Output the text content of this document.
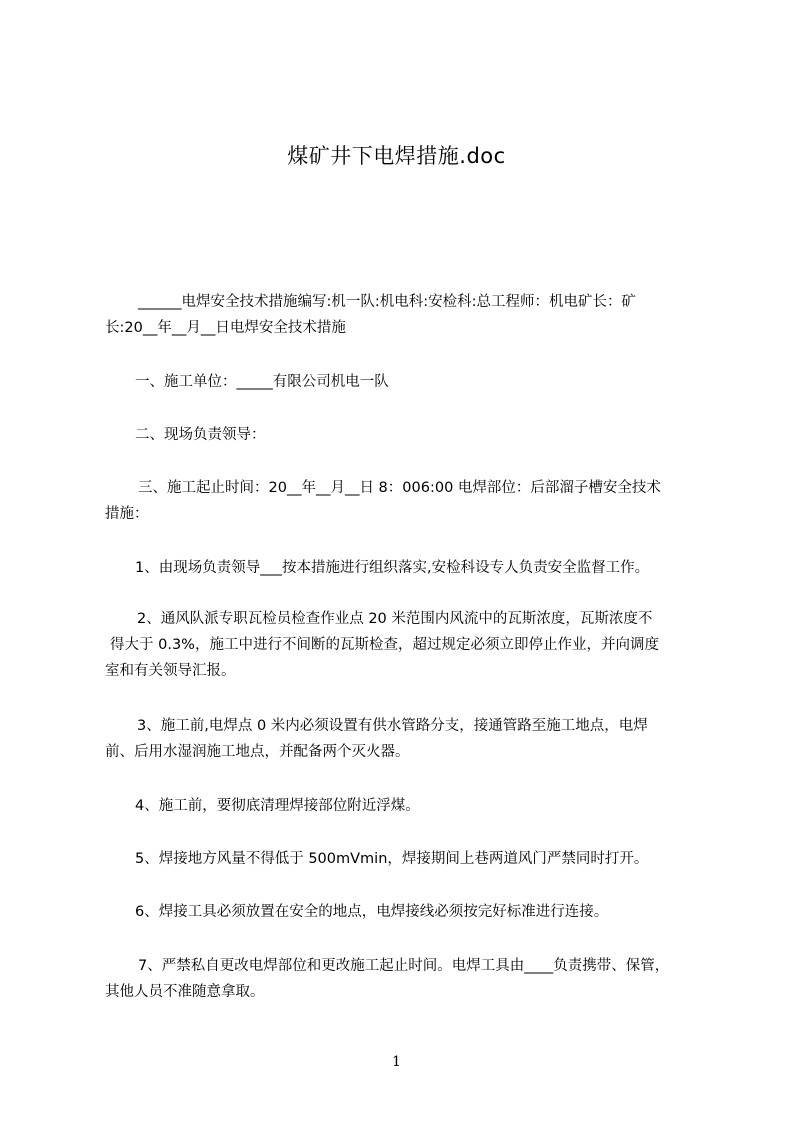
煤矿井下电焊措施.doc
______电焊安全技术措施编写:机一队:机电科:安检科:总工程师：机电矿长：矿
长:20__年__月__日电焊安全技术措施
一、施工单位：_____有限公司机电一队
二、现场负责领导：
三、施工起止时间：20__年__月__日 8：006:00 电焊部位：后部溜子槽安全技术
措施：
1、由现场负责领导___按本措施进行组织落实,安检科设专人负责安全监督工作。
2、通风队派专职瓦检员检查作业点 20 米范围内风流中的瓦斯浓度，瓦斯浓度不
得大于 0.3%，施工中进行不间断的瓦斯检查，超过规定必须立即停止作业，并向调度
室和有关领导汇报。
3、施工前,电焊点 0 米内必须设置有供水管路分支，接通管路至施工地点，电焊
前、后用水湿润施工地点，并配备两个灭火器。
4、施工前，要彻底清理焊接部位附近浮煤。
5、焊接地方风量不得低于 500mVmin，焊接期间上巷两道风门严禁同时打开。
6、焊接工具必须放置在安全的地点，电焊接线必须按完好标准进行连接。
7、严禁私自更改电焊部位和更改施工起止时间。电焊工具由____负责携带、保管，
其他人员不准随意拿取。
1
